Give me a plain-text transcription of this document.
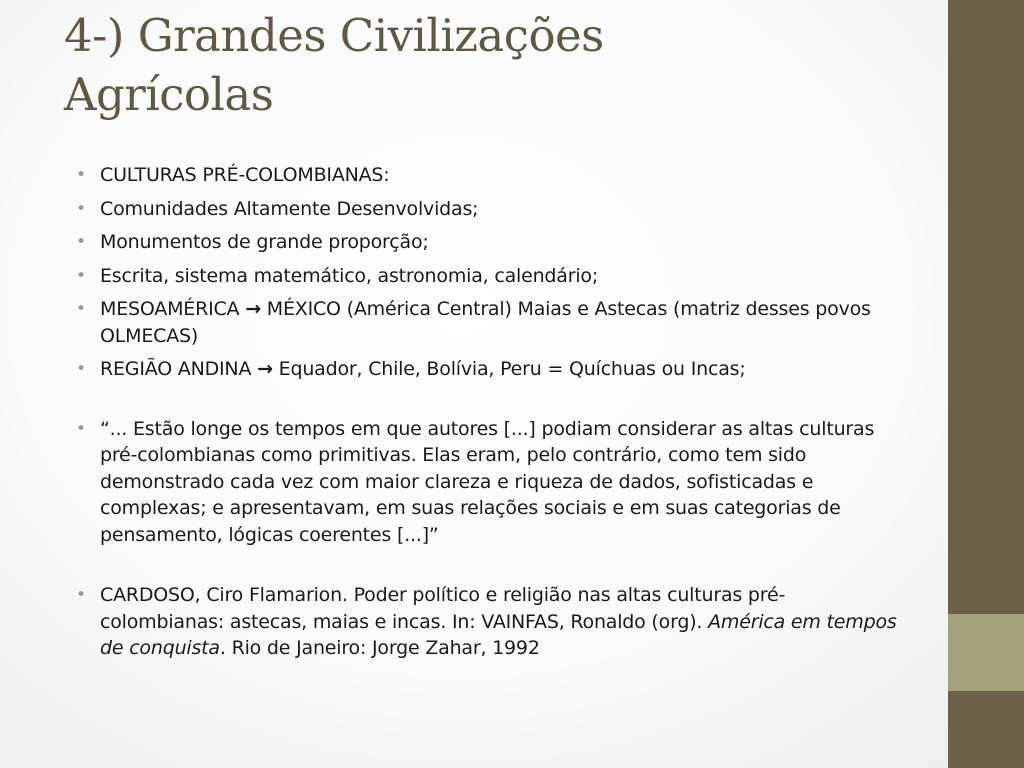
4-) Grandes Civilizações
Agrícolas
• CULTURAS PRÉ-COLOMBIANAS:
• Comunidades Altamente Desenvolvidas;
• Monumentos de grande proporção;
• Escrita, sistema matemático, astronomia, calendário;
• MESOAMÉRICA → MÉXICO (América Central) Maias e Astecas (matriz desses povos OLMECAS)
• REGIÃO ANDINA → Equador, Chile, Bolívia, Peru = Quíchuas ou Incas;
• “... Estão longe os tempos em que autores [...] podiam considerar as altas culturas pré-colombianas como primitivas. Elas eram, pelo contrário, como tem sido demonstrado cada vez com maior clareza e riqueza de dados, sofisticadas e complexas; e apresentavam, em suas relações sociais e em suas categorias de pensamento, lógicas coerentes [...]”
• CARDOSO, Ciro Flamarion. Poder político e religião nas altas culturas pré-colombianas: astecas, maias e incas. In: VAINFAS, Ronaldo (org). América em tempos de conquista. Rio de Janeiro: Jorge Zahar, 1992
